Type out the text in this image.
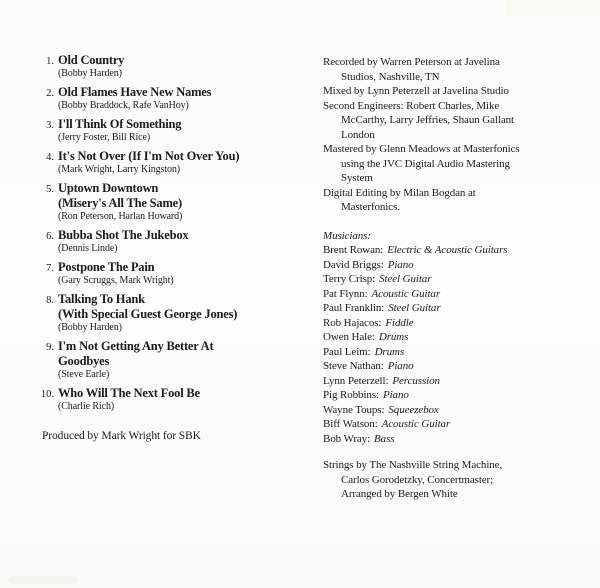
1. Old Country
(Bobby Harden)
2. Old Flames Have New Names
(Bobby Braddock, Rafe VanHoy)
3. I'll Think Of Something
(Jerry Foster, Bill Rice)
4. It's Not Over (If I'm Not Over You)
(Mark Wright, Larry Kingston)
5. Uptown Downtown
(Misery's All The Same)
(Ron Peterson, Harlan Howard)
6. Bubba Shot The Jukebox
(Dennis Linde)
7. Postpone The Pain
(Gary Scruggs, Mark Wright)
8. Talking To Hank
(With Special Guest George Jones)
(Bobby Harden)
9. I'm Not Getting Any Better At
Goodbyes
(Steve Earle)
10. Who Will The Next Fool Be
(Charlie Rich)
Produced by Mark Wright for SBK
Recorded by Warren Peterson at Javelina
Studios, Nashville, TN
Mixed by Lynn Peterzell at Javelina Studio
Second Engineers: Robert Charles, Mike
McCarthy, Larry Jeffries, Shaun Gallant
London
Mastered by Glenn Meadows at Masterfonics
using the JVC Digital Audio Mastering
System
Digital Editing by Milan Bogdan at
Masterfonics.
Musicians:
Brent Rowan: Electric & Acoustic Guitars
David Briggs: Piano
Terry Crisp: Steel Guitar
Pat Flynn: Acoustic Guitar
Paul Franklin: Steel Guitar
Rob Hajacos: Fiddle
Owen Hale: Drums
Paul Leim: Drums
Steve Nathan: Piano
Lynn Peterzell: Percussion
Pig Robbins: Piano
Wayne Toups: Squeezebox
Biff Watson: Acoustic Guitar
Bob Wray: Bass
Strings by The Nashville String Machine,
Carlos Gorodetzky, Concertmaster;
Arranged by Bergen White
